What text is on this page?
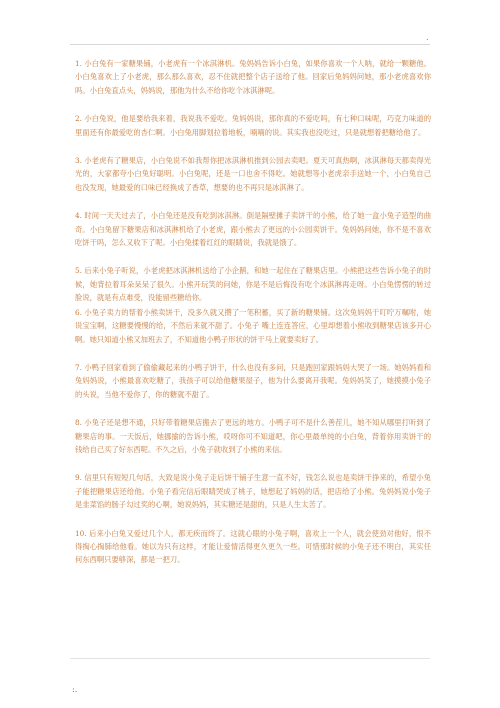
.

1. 小白兔有一家糖果铺，小老虎有一个冰淇淋机。兔妈妈告诉小白兔，如果你喜欢一个人呐，就给一颗糖他。小白兔喜欢上了小老虎，那么那么喜欢，忍不住就把整个店子送给了他。回家后兔妈妈问她，那小老虎喜欢你吗。小白兔直点头，妈妈说，那他为什么不给你吃个冰淇淋呢。

2. 小白兔说，他是要给我来着，我说我不爱吃。兔妈妈说，那你真的不爱吃吗，有七种口味呢，巧克力味道的里面还有你最爱吃的杏仁啊。小白兔用脚划拉着地板，喃喃的说。其实我也没吃过，只是就想着把糖给他了。

3. 小老虎有了糖果店，小白兔说不如我帮你把冰淇淋机推到公园去卖吧。夏天可真热啊，冰淇淋每天都卖得光光的，大家都夸小白兔好聪明。小白兔呢，还是一口也舍不得吃。她就想等小老虎亲手送她一个，小白兔自己也没发现，她最爱的口味已经换成了香草，想要的也不再只是冰淇淋了。

4. 时间一天天过去了，小白兔还是没有吃到冰淇淋。倒是隔壁摊子卖饼干的小熊，给了她一盒小兔子造型的曲奇。小白兔留下糖果店和冰淇淋机给了小老虎，跟小熊去了更远的小公园卖饼干。兔妈妈问她，你不是不喜欢吃饼干吗，怎么又收下了呢。小白兔揉着红红的眼睛说，我就是饿了。

5. 后来小兔子听说，小老虎把冰淇淋机送给了小企鹅，和她一起住在了糖果店里。小熊把这些告诉小兔子的时候，她背拉着耳朵呆呆了很久。小熊开玩笑的问她，你是不是后悔没有吃个冰淇淋再走呀。小白兔愣愣的转过脸说，就是有点难受，没能留些糖给你。

6. 小兔子卖力的帮着小熊卖饼干，没多久就又攒了一笔积蓄，买了新的糖果铺。这次兔妈妈干叮咛万嘱咐，她说宝宝啊，这糖要慢慢的给，不然后来就不甜了。小兔子 嘴上连连答应，心里却想着小熊收到糖果店该多开心啊。她只知道小熊又加班去了，不知道他小鸭子形状的饼干马上就要卖好了。

7. 小鸭子回家看到了偷偷藏起来的小鸭子饼干，什么也没有多问，只是跑回家跟妈妈大哭了一场。她妈妈看和兔妈妈说，小熊最喜欢吃糖了，我孩子可以给他糖果屋子，他为什么要离开我呢。兔妈妈笑了，她摸摸小兔子的头说，当他不爱你了，你的糖就不甜了。

8. 小兔子还是想不通，只好带着糖果店搬去了更远的地方。小鸭子可不是什么善茬儿，她不知从哪里打听到了糖果店的事。一天饭后，她挪揄的告诉小熊，哎呀你可不知道吧，你心里最单纯的小白兔，背着你用卖饼干的钱给自己买了好东西呢。不久之后，小兔子就收到了小熊的来信。

9. 信里只有短短几句话，大致是说小兔子走后饼干铺子生意一直不好，钱怎么说也是卖饼干挣来的，希望小兔子能把糖果店还给他。小兔子看完信后眼睛哭成了桃子，她想起了妈妈的话，把店给了小熊。兔妈妈说小兔子是韭菜馅的肠子勾过奖的心啊，她说妈妈，其实糖还是甜的，只是人生太苦了。

10. 后来小白兔又爱过几个人，都无疾而终了。这就心眼的小兔子啊，喜欢上一个人，就会使劲对他好，恨不得掏心掏肺给他看。她以为只有这样，才能让爱情活得更久更久一些。可惜那时候的小兔子还不明白，其实任何东西啊只要够深，都是一把刀。

:.
